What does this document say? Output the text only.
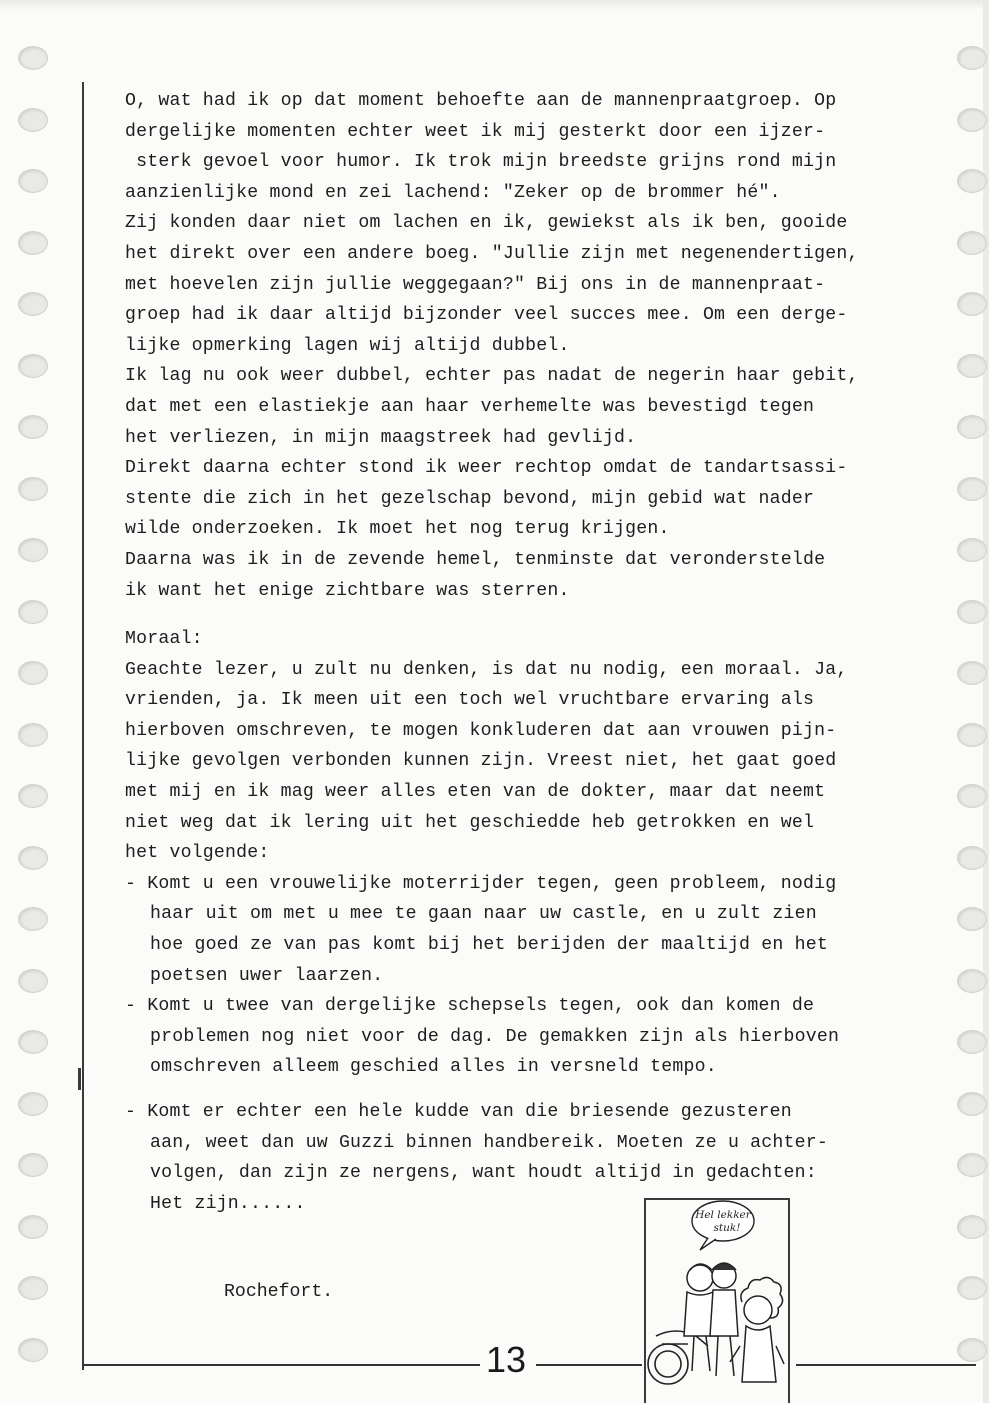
O, wat had ik op dat moment behoefte aan de mannenpraatgroep. Op
dergelijke momenten echter weet ik mij gesterkt door een ijzer-
sterk gevoel voor humor. Ik trok mijn breedste grijns rond mijn
aanzienlijke mond en zei lachend: "Zeker op de brommer hé".
Zij konden daar niet om lachen en ik, gewiekst als ik ben, gooide
het direkt over een andere boeg. "Jullie zijn met negenendertigen,
met hoevelen zijn jullie weggegaan?" Bij ons in de mannenpraat-
groep had ik daar altijd bijzonder veel succes mee. Om een derge-
lijke opmerking lagen wij altijd dubbel.
Ik lag nu ook weer dubbel, echter pas nadat de negerin haar gebit,
dat met een elastiekje aan haar verhemelte was bevestigd tegen
het verliezen, in mijn maagstreek had gevlijd.
Direkt daarna echter stond ik weer rechtop omdat de tandartsassi-
stente die zich in het gezelschap bevond, mijn gebid wat nader
wilde onderzoeken. Ik moet het nog terug krijgen.
Daarna was ik in de zevende hemel, tenminste dat veronderstelde
ik want het enige zichtbare was sterren.
Moraal:
Geachte lezer, u zult nu denken, is dat nu nodig, een moraal. Ja,
vrienden, ja. Ik meen uit een toch wel vruchtbare ervaring als
hierboven omschreven, te mogen konkluderen dat aan vrouwen pijn-
lijke gevolgen verbonden kunnen zijn. Vreest niet, het gaat goed
met mij en ik mag weer alles eten van de dokter, maar dat neemt
niet weg dat ik lering uit het geschiedde heb getrokken en wel
het volgende:
- Komt u een vrouwelijke moterrijder tegen, geen probleem, nodig
haar uit om met u mee te gaan naar uw castle, en u zult zien
hoe goed ze van pas komt bij het berijden der maaltijd en het
poetsen uwer laarzen.
- Komt u twee van dergelijke schepsels tegen, ook dan komen de
problemen nog niet voor de dag. De gemakken zijn als hierboven
omschreven alleem geschied alles in versneld tempo.
- Komt er echter een hele kudde van die briesende gezusteren
aan, weet dan uw Guzzi binnen handbereik. Moeten ze u achter-
volgen, dan zijn ze nergens, want houdt altijd in gedachten:
Het zijn......
Rochefort.
13
Hel lekker
stuk!
